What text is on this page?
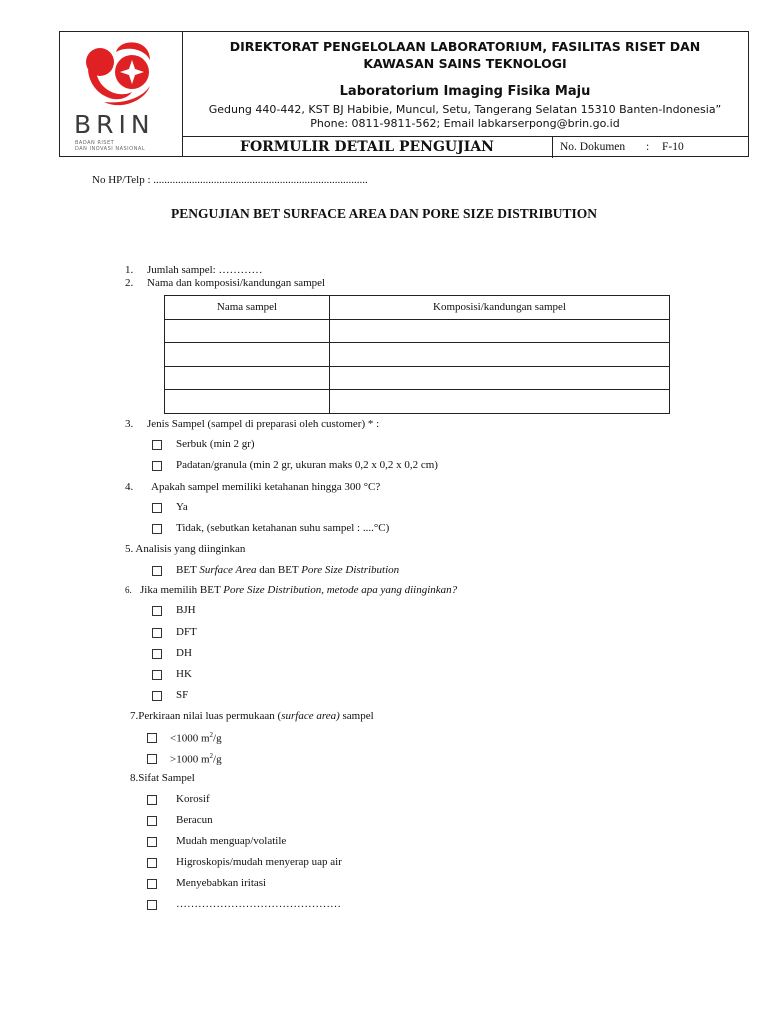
BRIN
BADAN RISET
DAN INOVASI NASIONAL
DIREKTORAT PENGELOLAAN LABORATORIUM, FASILITAS RISET DAN KAWASAN SAINS TEKNOLOGI
Laboratorium Imaging Fisika Maju
Gedung 440-442, KST BJ Habibie, Muncul, Setu, Tangerang Selatan 15310 Banten-Indonesia”
Phone: 0811-9811-562; Email labkarserpong@brin.go.id
FORMULIR DETAIL PENGUJIAN	No. Dokumen : F-10
No HP/Telp : ..............................................................................
PENGUJIAN BET SURFACE AREA DAN PORE SIZE DISTRIBUTION
1. Jumlah sampel: …………
2. Nama dan komposisi/kandungan sampel
Nama sampel	Komposisi/kandungan sampel

3. Jenis Sampel (sampel di preparasi oleh customer) * :
Serbuk (min 2 gr)
Padatan/granula (min 2 gr, ukuran maks 0,2 x 0,2 x 0,2 cm)
4. Apakah sampel memiliki ketahanan hingga 300 °C?
Ya
Tidak, (sebutkan ketahanan suhu sampel : ....°C)
5. Analisis yang diinginkan
BET Surface Area dan BET Pore Size Distribution
6. Jika memilih BET Pore Size Distribution, metode apa yang diinginkan?
BJH
DFT
DH
HK
SF
7.Perkiraan nilai luas permukaan (surface area) sampel
<1000 $m^2/g$
>1000 $m^2/g$
8.Sifat Sampel
Korosif
Beracun
Mudah menguap/volatile
Higroskopis/mudah menyerap uap air
Menyebabkan iritasi
………………………………………
